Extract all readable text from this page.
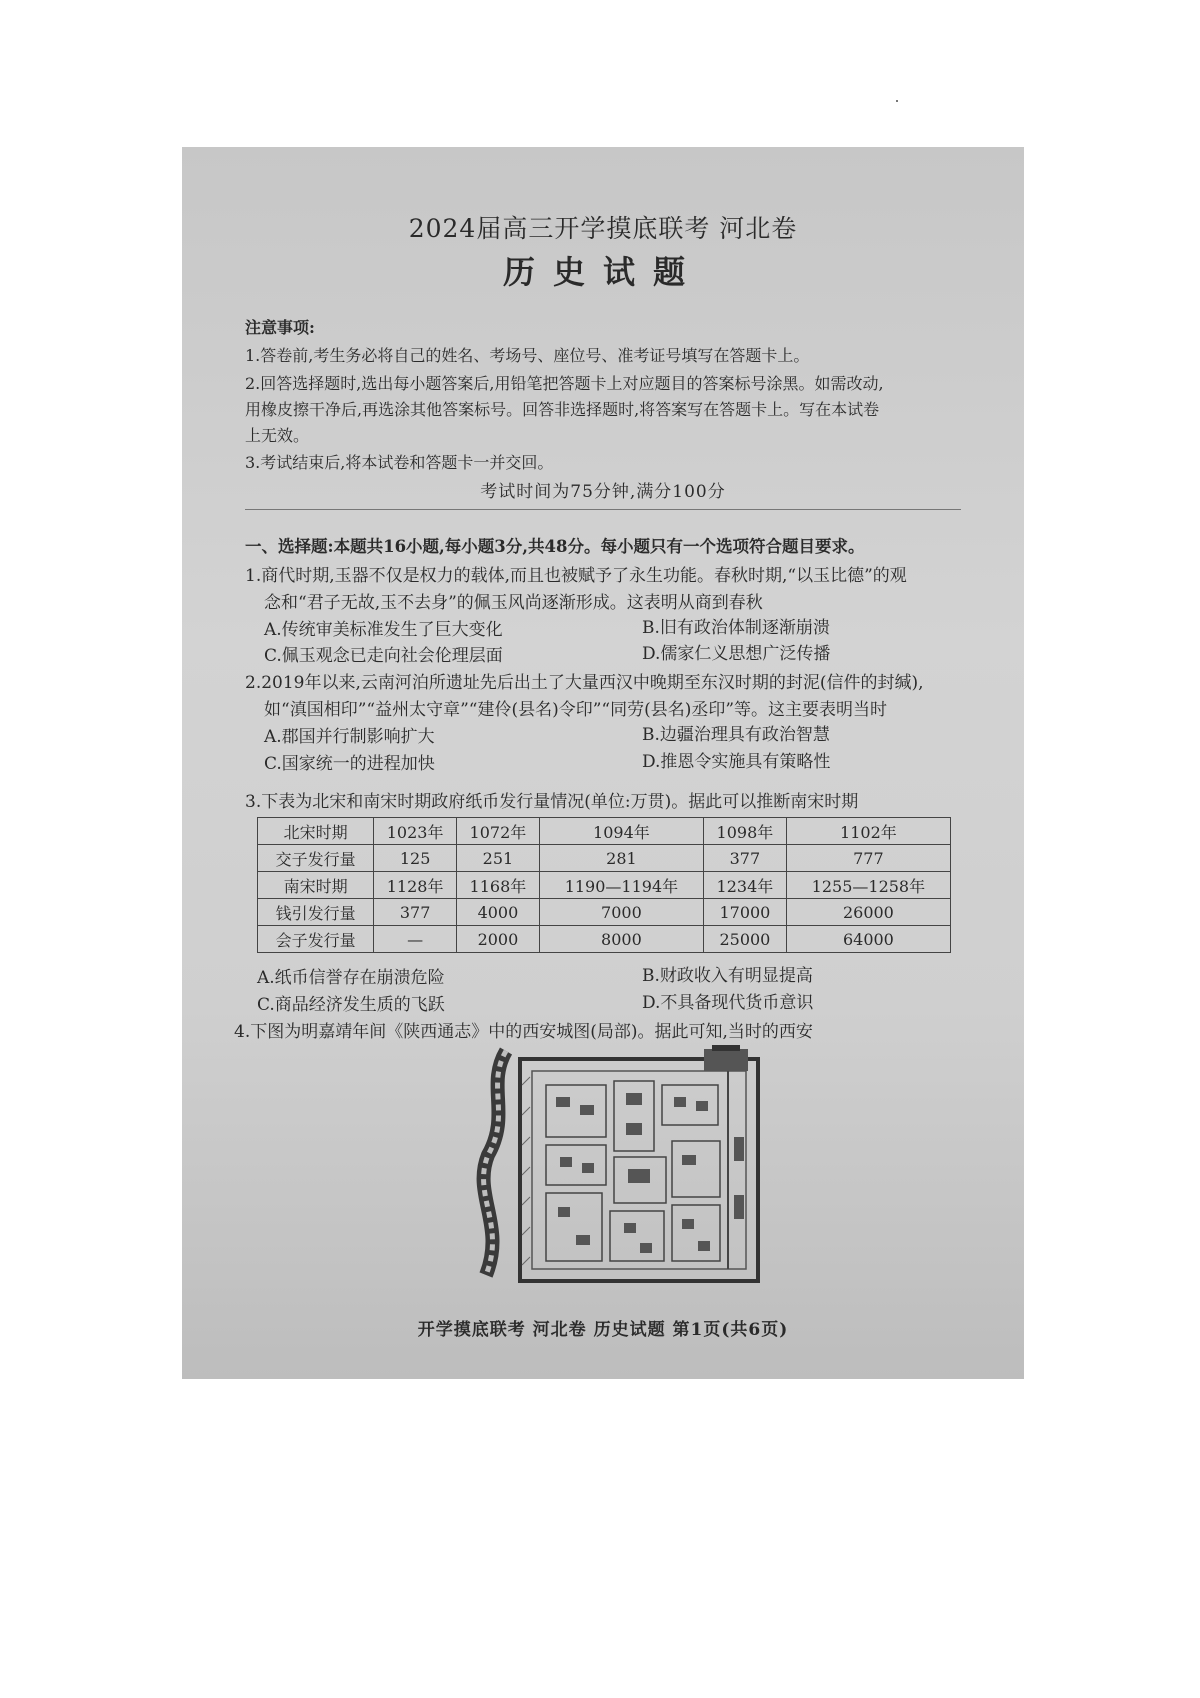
2024届高三开学摸底联考 河北卷
历史试题
注意事项:
1.答卷前,考生务必将自己的姓名、考场号、座位号、准考证号填写在答题卡上。
2.回答选择题时,选出每小题答案后,用铅笔把答题卡上对应题目的答案标号涂黑。如需改动,
用橡皮擦干净后,再选涂其他答案标号。回答非选择题时,将答案写在答题卡上。写在本试卷
上无效。
3.考试结束后,将本试卷和答题卡一并交回。
考试时间为75分钟,满分100分
一、选择题:本题共16小题,每小题3分,共48分。每小题只有一个选项符合题目要求。
1.商代时期,玉器不仅是权力的载体,而且也被赋予了永生功能。春秋时期,“以玉比德”的观
念和“君子无故,玉不去身”的佩玉风尚逐渐形成。这表明从商到春秋
A.传统审美标准发生了巨大变化	B.旧有政治体制逐渐崩溃
C.佩玉观念已走向社会伦理层面	D.儒家仁义思想广泛传播
2.2019年以来,云南河泊所遗址先后出土了大量西汉中晚期至东汉时期的封泥(信件的封缄),
如“滇国相印”“益州太守章”“建伶(县名)令印”“同劳(县名)丞印”等。这主要表明当时
A.郡国并行制影响扩大	B.边疆治理具有政治智慧
C.国家统一的进程加快	D.推恩令实施具有策略性
3.下表为北宋和南宋时期政府纸币发行量情况(单位:万贯)。据此可以推断南宋时期
北宋时期	1023年	1072年	1094年	1098年	1102年
交子发行量	125	251	281	377	777
南宋时期	1128年	1168年	1190—1194年	1234年	1255—1258年
钱引发行量	377	4000	7000	17000	26000
会子发行量	—	2000	8000	25000	64000
A.纸币信誉存在崩溃危险	B.财政收入有明显提高
C.商品经济发生质的飞跃	D.不具备现代货币意识
4.下图为明嘉靖年间《陕西通志》中的西安城图(局部)。据此可知,当时的西安
开学摸底联考 河北卷 历史试题 第1页(共6页)
